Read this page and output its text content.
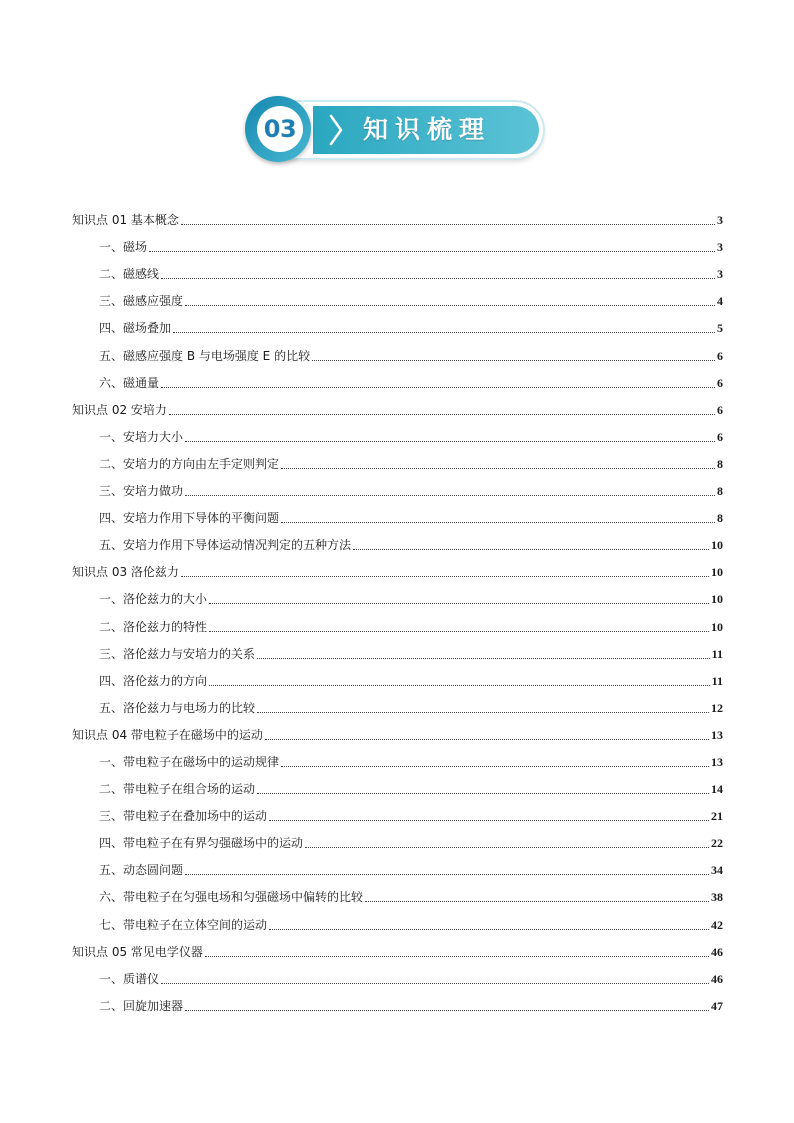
03	知识梳理
知识点 01 基本概念	3
一、磁场	3
二、磁感线	3
三、磁感应强度	4
四、磁场叠加	5
五、磁感应强度 B 与电场强度 E 的比较	6
六、磁通量	6
知识点 02 安培力	6
一、安培力大小	6
二、安培力的方向由左手定则判定	8
三、安培力做功	8
四、安培力作用下导体的平衡问题	8
五、安培力作用下导体运动情况判定的五种方法	10
知识点 03 洛伦兹力	10
一、洛伦兹力的大小	10
二、洛伦兹力的特性	10
三、洛伦兹力与安培力的关系	11
四、洛伦兹力的方向	11
五、洛伦兹力与电场力的比较	12
知识点 04 带电粒子在磁场中的运动	13
一、带电粒子在磁场中的运动规律	13
二、带电粒子在组合场的运动	14
三、带电粒子在叠加场中的运动	21
四、带电粒子在有界匀强磁场中的运动	22
五、动态圆问题	34
六、带电粒子在匀强电场和匀强磁场中偏转的比较	38
七、带电粒子在立体空间的运动	42
知识点 05 常见电学仪器	46
一、质谱仪	46
二、回旋加速器	47
